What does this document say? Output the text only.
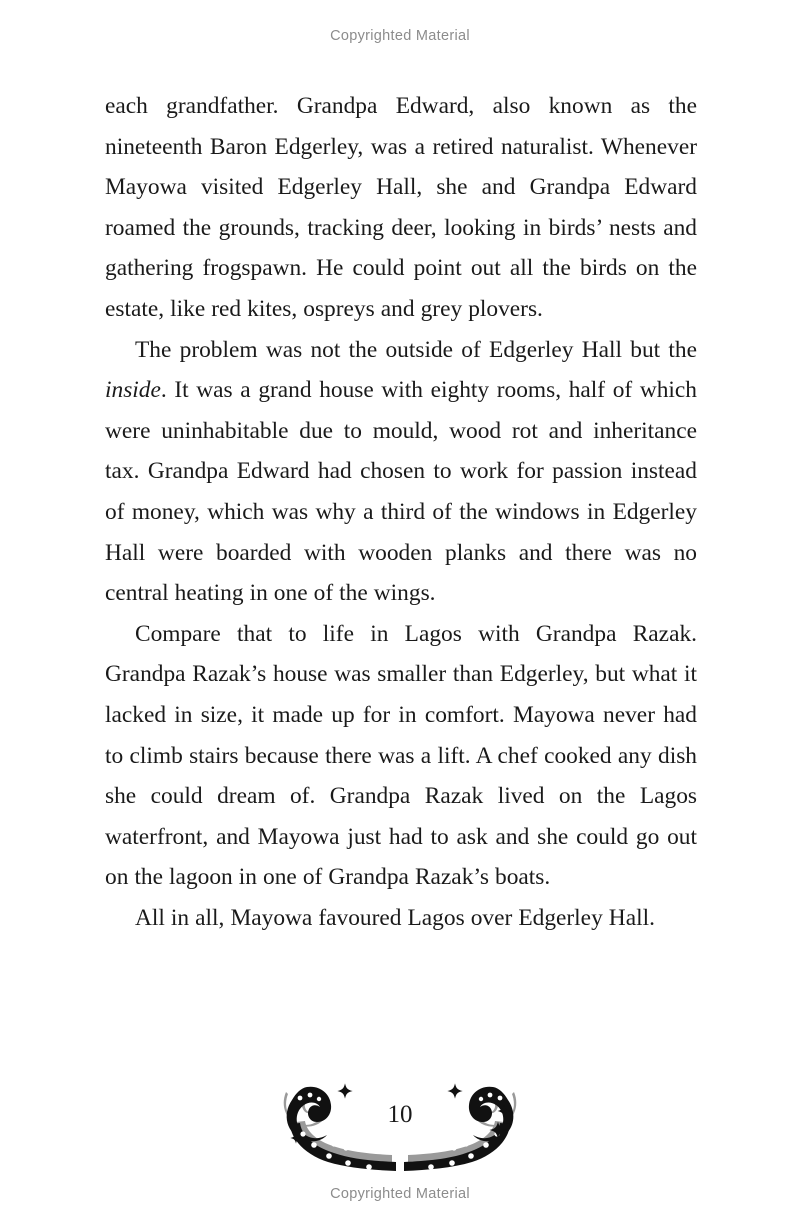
Copyrighted Material

each grandfather. Grandpa Edward, also known as the nineteenth Baron Edgerley, was a retired naturalist. Whenever Mayowa visited Edgerley Hall, she and Grandpa Edward roamed the grounds, tracking deer, looking in birds’ nests and gathering frogspawn. He could point out all the birds on the estate, like red kites, ospreys and grey plovers.

The problem was not the outside of Edgerley Hall but the inside. It was a grand house with eighty rooms, half of which were uninhabitable due to mould, wood rot and inheritance tax. Grandpa Edward had chosen to work for passion instead of money, which was why a third of the windows in Edgerley Hall were boarded with wooden planks and there was no central heating in one of the wings.

Compare that to life in Lagos with Grandpa Razak. Grandpa Razak’s house was smaller than Edgerley, but what it lacked in size, it made up for in comfort. Mayowa never had to climb stairs because there was a lift. A chef cooked any dish she could dream of. Grandpa Razak lived on the Lagos waterfront, and Mayowa just had to ask and she could go out on the lagoon in one of Grandpa Razak’s boats.

All in all, Mayowa favoured Lagos over Edgerley Hall.

10
Copyrighted Material
